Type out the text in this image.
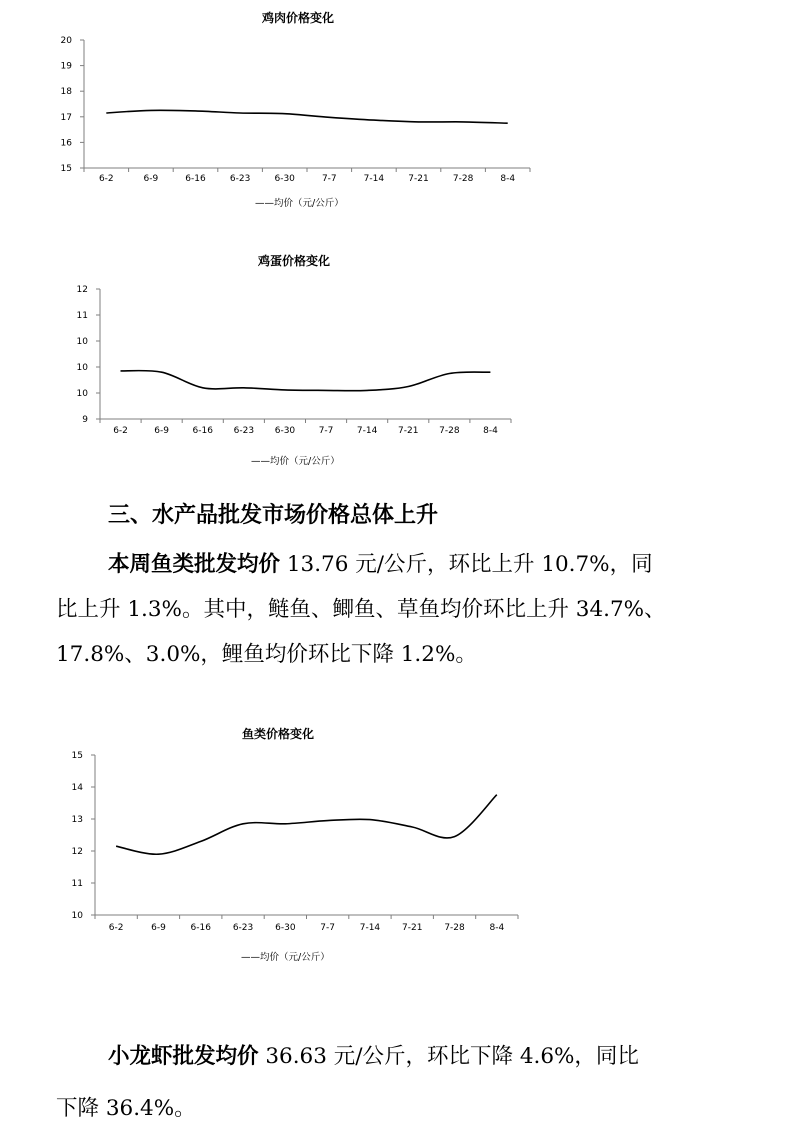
鸡肉价格变化
15
16
17
18
19
20
6-2	6-9	6-16	6-23	6-30	7-7	7-14	7-21	7-28	8-4
——均价（元/公斤）
鸡蛋价格变化
9
10
10
10
11
12
6-2	6-9	6-16 6-23 6-30	7-7	7-14 7-21 7-28	8-4
——均价（元/公斤）
三、水产品批发市场价格总体上升
本周鱼类批发均价 13.76 元/公斤，环比上升 10.7%，同
比上升 1.3%。其中，鲢鱼、鲫鱼、草鱼均价环比上升 34.7%、
17.8%、3.0%，鲤鱼均价环比下降 1.2%。
鱼类价格变化
10
11
12
13
14
15
6-2	6-9	6-16 6-23 6-30	7-7	7-14 7-21 7-28	8-4
——均价（元/公斤）
小龙虾批发均价 36.63 元/公斤，环比下降 4.6%，同比
下降 36.4%。
